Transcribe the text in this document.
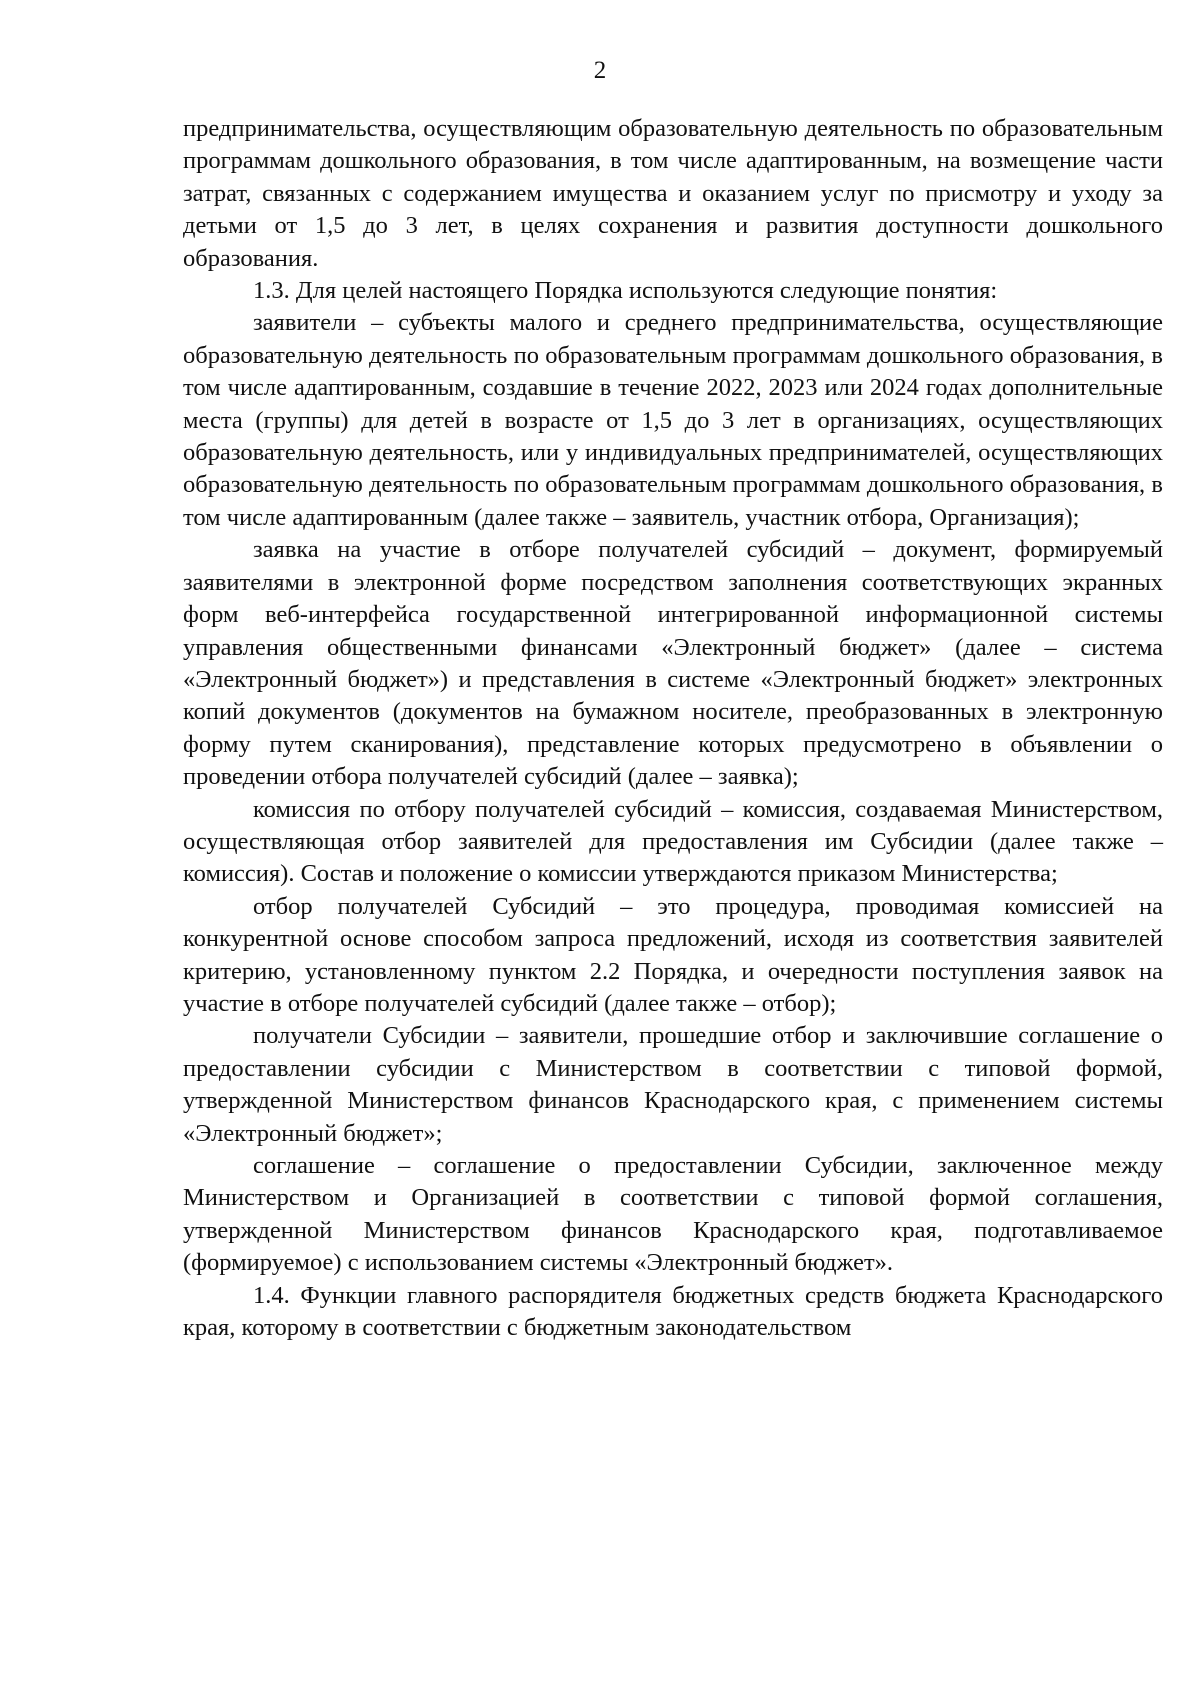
2

предпринимательства, осуществляющим образовательную деятельность по образовательным программам дошкольного образования, в том числе адаптированным, на возмещение части затрат, связанных с содержанием имущества и оказанием услуг по присмотру и уходу за детьми от 1,5 до 3 лет, в целях сохранения и развития доступности дошкольного образования.

1.3. Для целей настоящего Порядка используются следующие понятия:

заявители – субъекты малого и среднего предпринимательства, осуществляющие образовательную деятельность по образовательным программам дошкольного образования, в том числе адаптированным, создавшие в течение 2022, 2023 или 2024 годах дополнительные места (группы) для детей в возрасте от 1,5 до 3 лет в организациях, осуществляющих образовательную деятельность, или у индивидуальных предпринимателей, осуществляющих образовательную деятельность по образовательным программам дошкольного образования, в том числе адаптированным (далее также – заявитель, участник отбора, Организация);

заявка на участие в отборе получателей субсидий – документ, формируемый заявителями в электронной форме посредством заполнения соответствующих экранных форм веб-интерфейса государственной интегрированной информационной системы управления общественными финансами «Электронный бюджет» (далее – система «Электронный бюджет») и представления в системе «Электронный бюджет» электронных копий документов (документов на бумажном носителе, преобразованных в электронную форму путем сканирования), представление которых предусмотрено в объявлении о проведении отбора получателей субсидий (далее – заявка);

комиссия по отбору получателей субсидий – комиссия, создаваемая Министерством, осуществляющая отбор заявителей для предоставления им Субсидии (далее также – комиссия). Состав и положение о комиссии утверждаются приказом Министерства;

отбор получателей Субсидий – это процедура, проводимая комиссией на конкурентной основе способом запроса предложений, исходя из соответствия заявителей критерию, установленному пунктом 2.2 Порядка, и очередности поступления заявок на участие в отборе получателей субсидий (далее также – отбор);

получатели Субсидии – заявители, прошедшие отбор и заключившие соглашение о предоставлении субсидии с Министерством в соответствии с типовой формой, утвержденной Министерством финансов Краснодарского края, с применением системы «Электронный бюджет»;

соглашение – соглашение о предоставлении Субсидии, заключенное между Министерством и Организацией в соответствии с типовой формой соглашения, утвержденной Министерством финансов Краснодарского края, подготавливаемое (формируемое) с использованием системы «Электронный бюджет».

1.4. Функции главного распорядителя бюджетных средств бюджета Краснодарского края, которому в соответствии с бюджетным законодательством
